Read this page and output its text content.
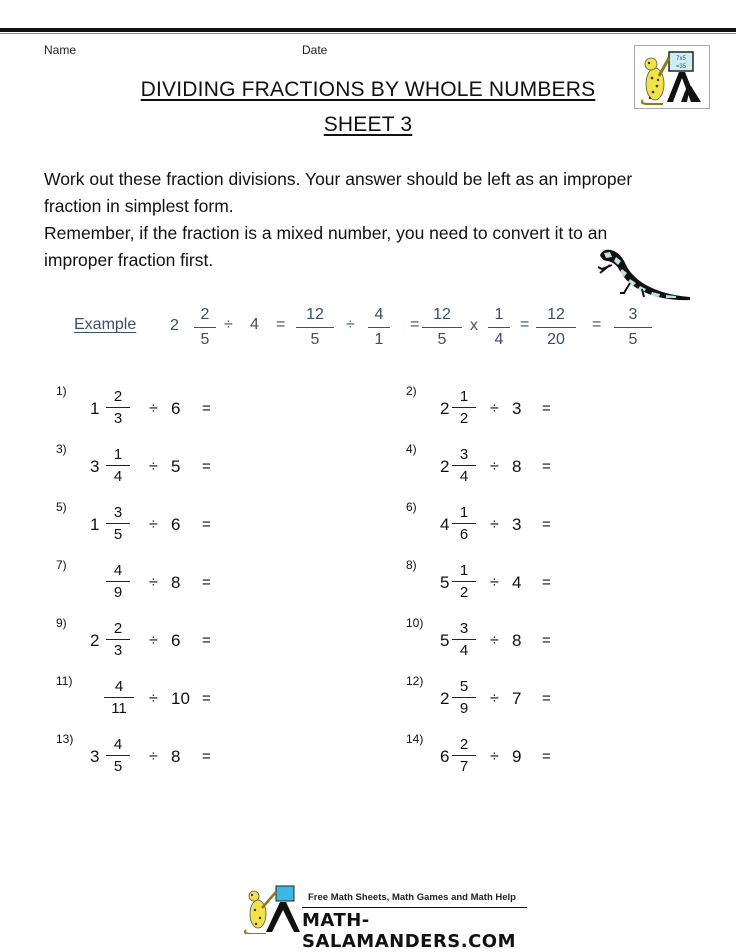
Name	Date
DIVIDING FRACTIONS BY WHOLE NUMBERS
SHEET 3
7x5
=35

Work out these fraction divisions. Your answer should be left as an improper fraction in simplest form.

Remember, if the fraction is a mixed number, you need to convert it to an improper fraction first.

Example 2
2
5
÷ 4 =
12
5
÷
4
1
=
12
5
x
1
4
=
12
20
=
3
5
1)
1
2
3
÷ 6 =
2)
2
1
2
÷ 3 =
3)
3
1
4
÷ 5 =
4)
2
3
4
÷ 8 =
5)
1
3
5
÷ 6 =
6)
4
1
6
÷ 3 =
7)	4
9
÷ 8 =
8)
5
1
2
÷ 4 =
9)
2
2
3
÷ 6 =
10)
5
3
4
÷ 8 =
11)	4
11
÷ 10 =
12)
2
5
9
÷ 7 =
13)
3
4
5
÷ 8 =
14)
6
2
7
÷ 9 =
Free Math Sheets, Math Games and Math Help
MATH-SALAMANDERS.COM
